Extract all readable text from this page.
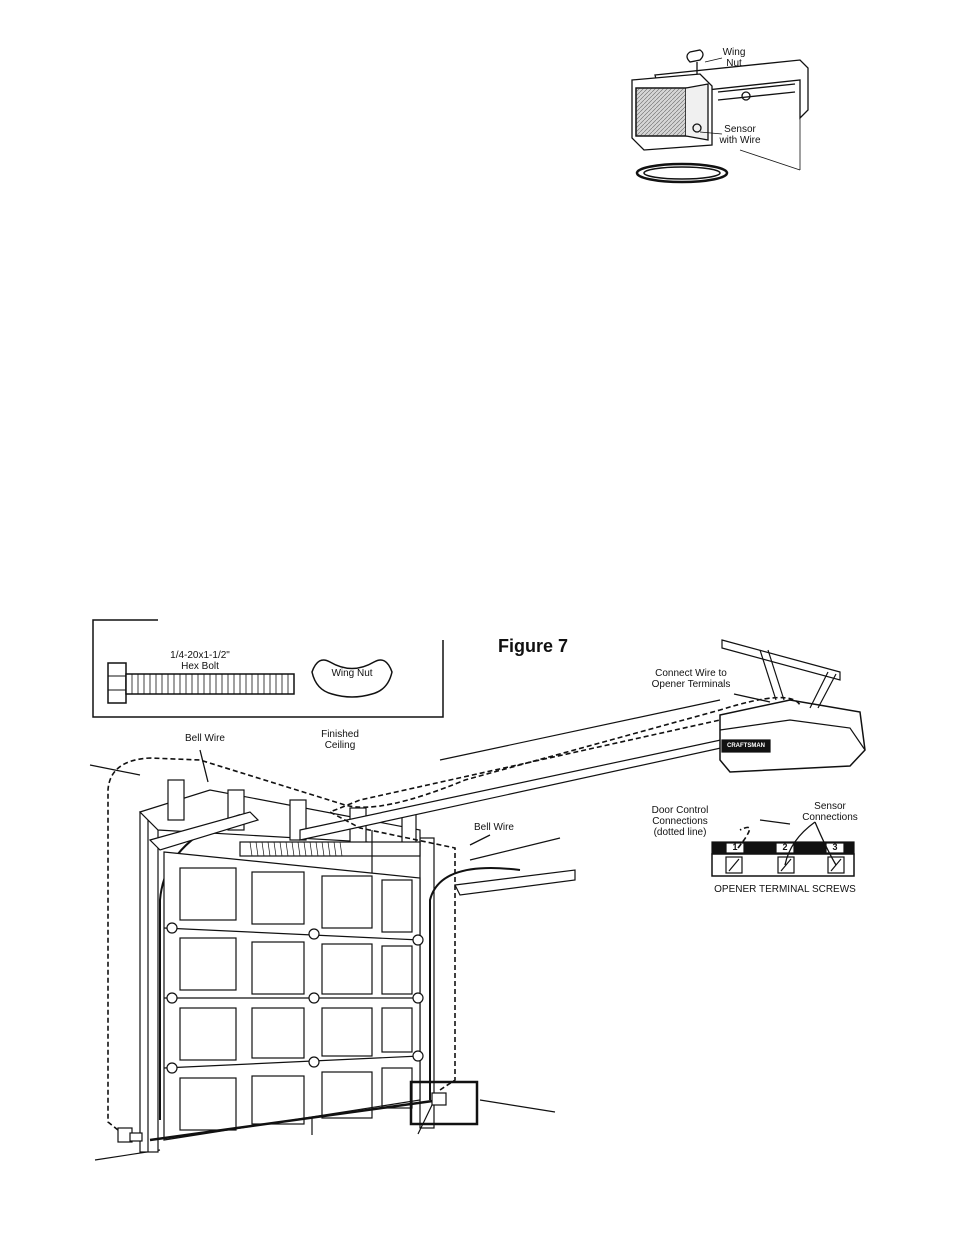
Wing
Nut
Sensor
with Wire
1/4-20x1-1/2"
Hex Bolt
Wing Nut
Figure 7
Connect Wire to
Opener Terminals
Bell Wire	Finished
Ceiling
Bell Wire
Door Control
Connections
(dotted line)
Sensor
Connections
1	2	3
OPENER TERMINAL SCREWS
CRAFTSMAN
